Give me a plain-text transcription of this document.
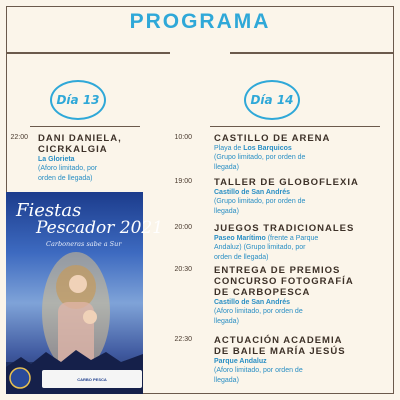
PROGRAMA
Día 13	Día 14
22:00 DANI DANIELA,
CICRKALGIA
La Glorieta
(Aforo limitado, por
orden de llegada)
10:00 CASTILLO DE ARENA
Playa de Los Barquicos
(Grupo limitado, por orden de
llegada)
19:00 TALLER DE GLOBOFLEXIA
Castillo de San Andrés
(Grupo limitado, por orden de
llegada)
20:00 JUEGOS TRADICIONALES
Paseo Marítimo (frente a Parque
Andaluz) (Grupo limitado, por
orden de llegada)
20:30 ENTREGA DE PREMIOS
CONCURSO FOTOGRAFÍA
DE CARBOPESCA
Castillo de San Andrés
(Aforo limitado, por orden de
llegada)
22:30 ACTUACIÓN ACADEMIA
DE BAILE MARÍA JESÚS
Parque Andaluz
(Aforo limitado, por orden de
llegada)
Fiestas
Pescador 2021
Carboneras sabe a Sur
CARBO PESCA
